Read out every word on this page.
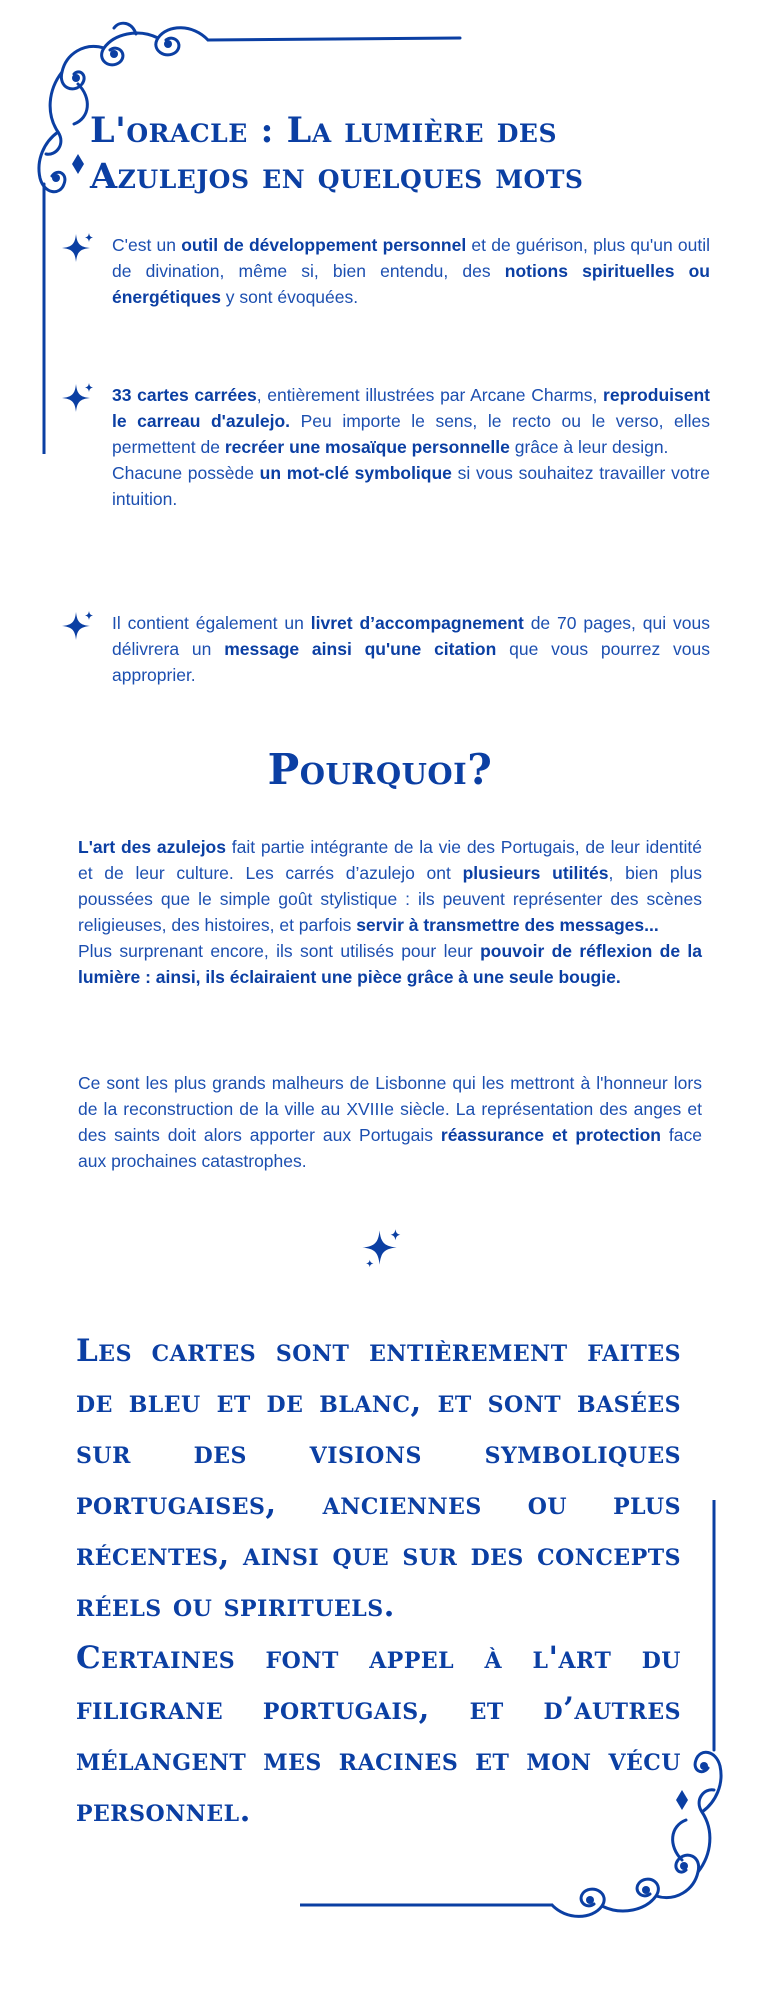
L'oracle : La lumière des Azulejos en quelques mots
C'est un outil de développement personnel et de guérison, plus qu'un outil de divination, même si, bien entendu, des notions spirituelles ou énergétiques y sont évoquées.
33 cartes carrées, entièrement illustrées par Arcane Charms, reproduisent le carreau d'azulejo. Peu importe le sens, le recto ou le verso, elles permettent de recréer une mosaïque personnelle grâce à leur design.
Chacune possède un mot-clé symbolique si vous souhaitez travailler votre intuition.
Il contient également un livret d’accompagnement de 70 pages, qui vous délivrera un message ainsi qu'une citation que vous pourrez vous approprier.
Pourquoi?
L'art des azulejos fait partie intégrante de la vie des Portugais, de leur identité et de leur culture. Les carrés d’azulejo ont plusieurs utilités, bien plus poussées que le simple goût stylistique : ils peuvent représenter des scènes religieuses, des histoires, et parfois servir à transmettre des messages...
Plus surprenant encore, ils sont utilisés pour leur pouvoir de réflexion de la lumière : ainsi, ils éclairaient une pièce grâce à une seule bougie.
Ce sont les plus grands malheurs de Lisbonne qui les mettront à l'honneur lors de la reconstruction de la ville au XVIIIe siècle. La représentation des anges et des saints doit alors apporter aux Portugais réassurance et protection face aux prochaines catastrophes.

Les cartes sont entièrement faites de bleu et de blanc, et sont basées sur des visions symboliques portugaises, anciennes ou plus récentes, ainsi que sur des concepts réels ou spirituels.

Certaines font appel à l'art du filigrane portugais, et d’autres mélangent mes racines et mon vécu personnel.
